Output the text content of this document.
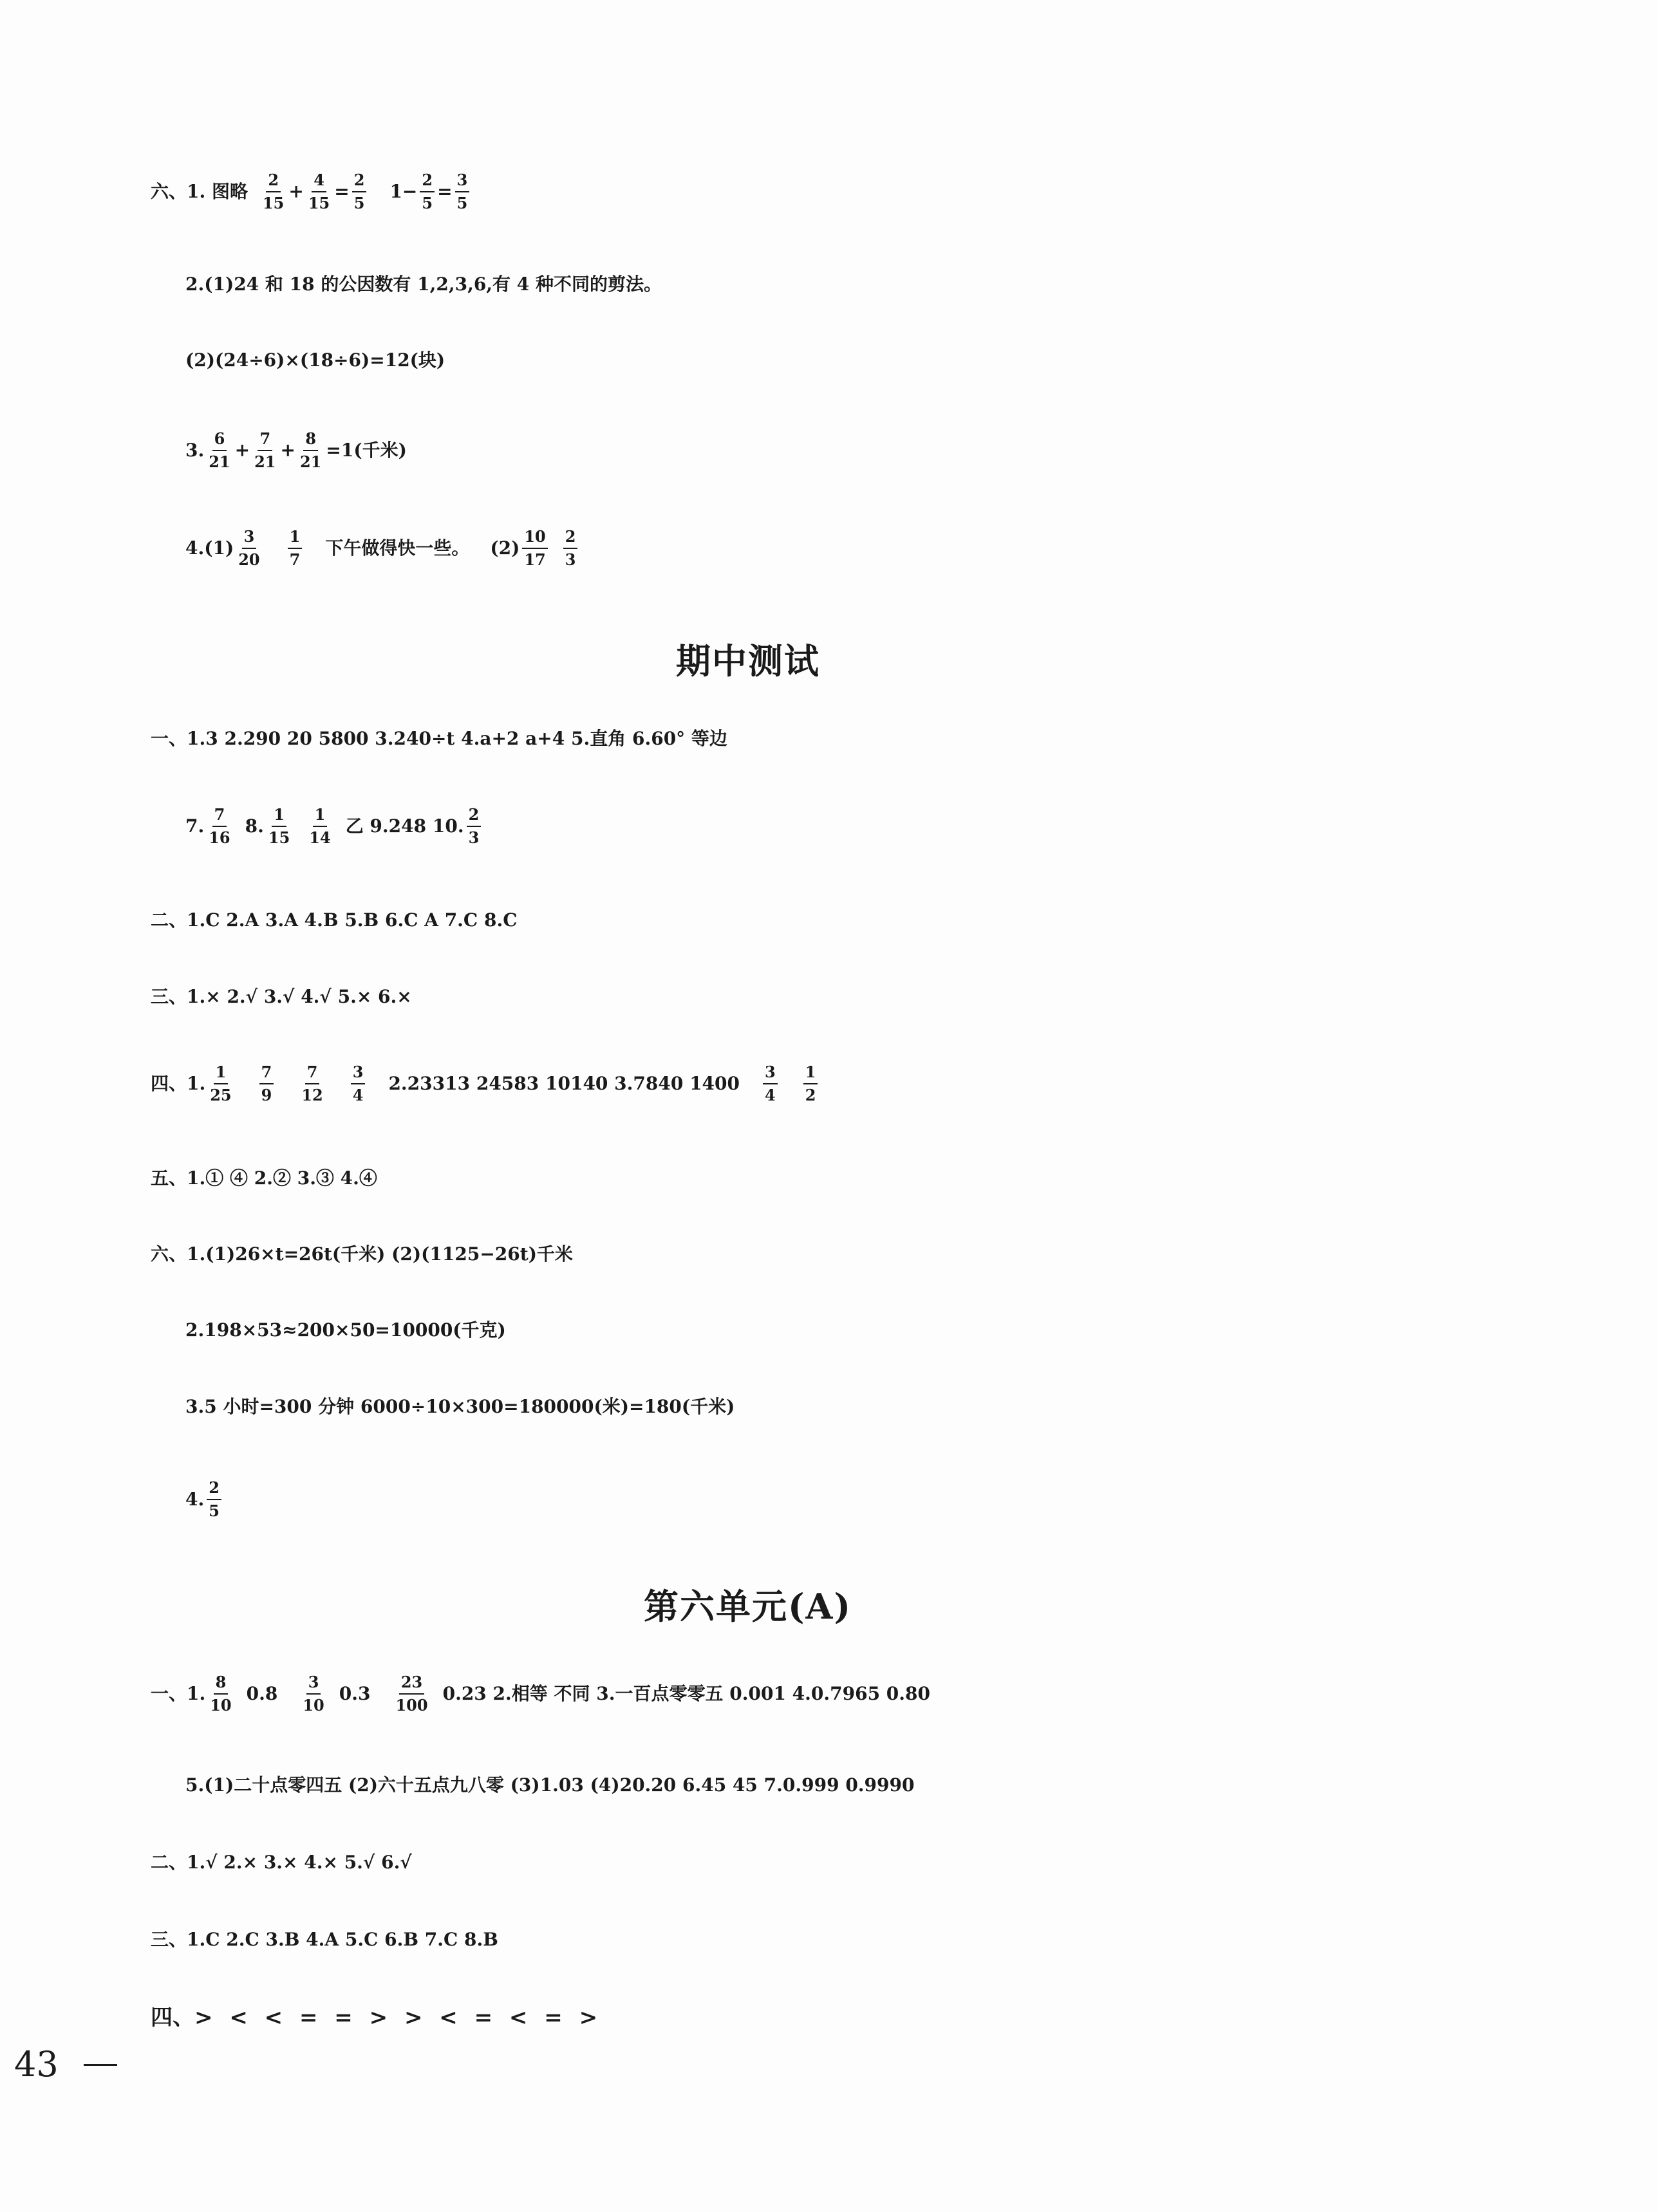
六、1. 图略 $\frac{2}{15} + \frac{4}{15} = \frac{2}{5} 1- \frac{2}{5} = \frac{3}{5}$
2.(1)24 和 18 的公因数有 1,2,3,6,有 4 种不同的剪法。
(2)(24÷6)×(18÷6)=12(块)
3. $\frac{6}{21} + \frac{7}{21} + \frac{8}{21} =1$(千米)
$4.(1) \frac{3}{20} \frac{1}{7}$ 下午做得快一些。 $(2) \frac{10}{17} \frac{2}{3}$
期中测试
一、1.3 2.290 20 5800 3.240÷t 4.a+2 a+4 5.直角 6.60° 等边
7. $\frac{7}{16} 8$. $\frac{1}{15} \frac{1}{14}$ 乙 9.248 10. $\frac{2}{3}$
二、1.C 2.A 3.A 4.B 5.B 6.C A 7.C 8.C
三、1.× 2.√ 3.√ 4.√ 5.× 6.×
四、1. $\frac{1}{25} \frac{7}{9} \frac{7}{12} \frac{3}{4} 2.23313$ 24583 10140 3.7840 $1400 \frac{3}{4} \frac{1}{2}$
五、1.① ④ 2.② 3.③ 4.④
六、1.(1)26×t=26t(千米) (2)(1125−26t)千米
2.198×53≈200×50=10000(千克)
3.5 小时=300 分钟 6000÷10×300=180000(米)=180(千米)
4. $\frac{2}{5}$
第六单元(A)
一、1. $\frac{8}{10} 0.8 \frac{3}{10} 0.3 \frac{23}{100} 0.23$ 2.相等 不同 3.一百点零零五 0.001 4.0.7965 0.80
5.(1)二十点零四五 (2)六十五点九八零 (3)1.03 (4)20.20 6.45 45 7.0.999 0.9990
二、1.√ 2.× 3.× 4.× 5.√ 6.√
三、1.C 2.C 3.B 4.A 5.C 6.B 7.C 8.B
四、> < < = = > > < = < = >
43
